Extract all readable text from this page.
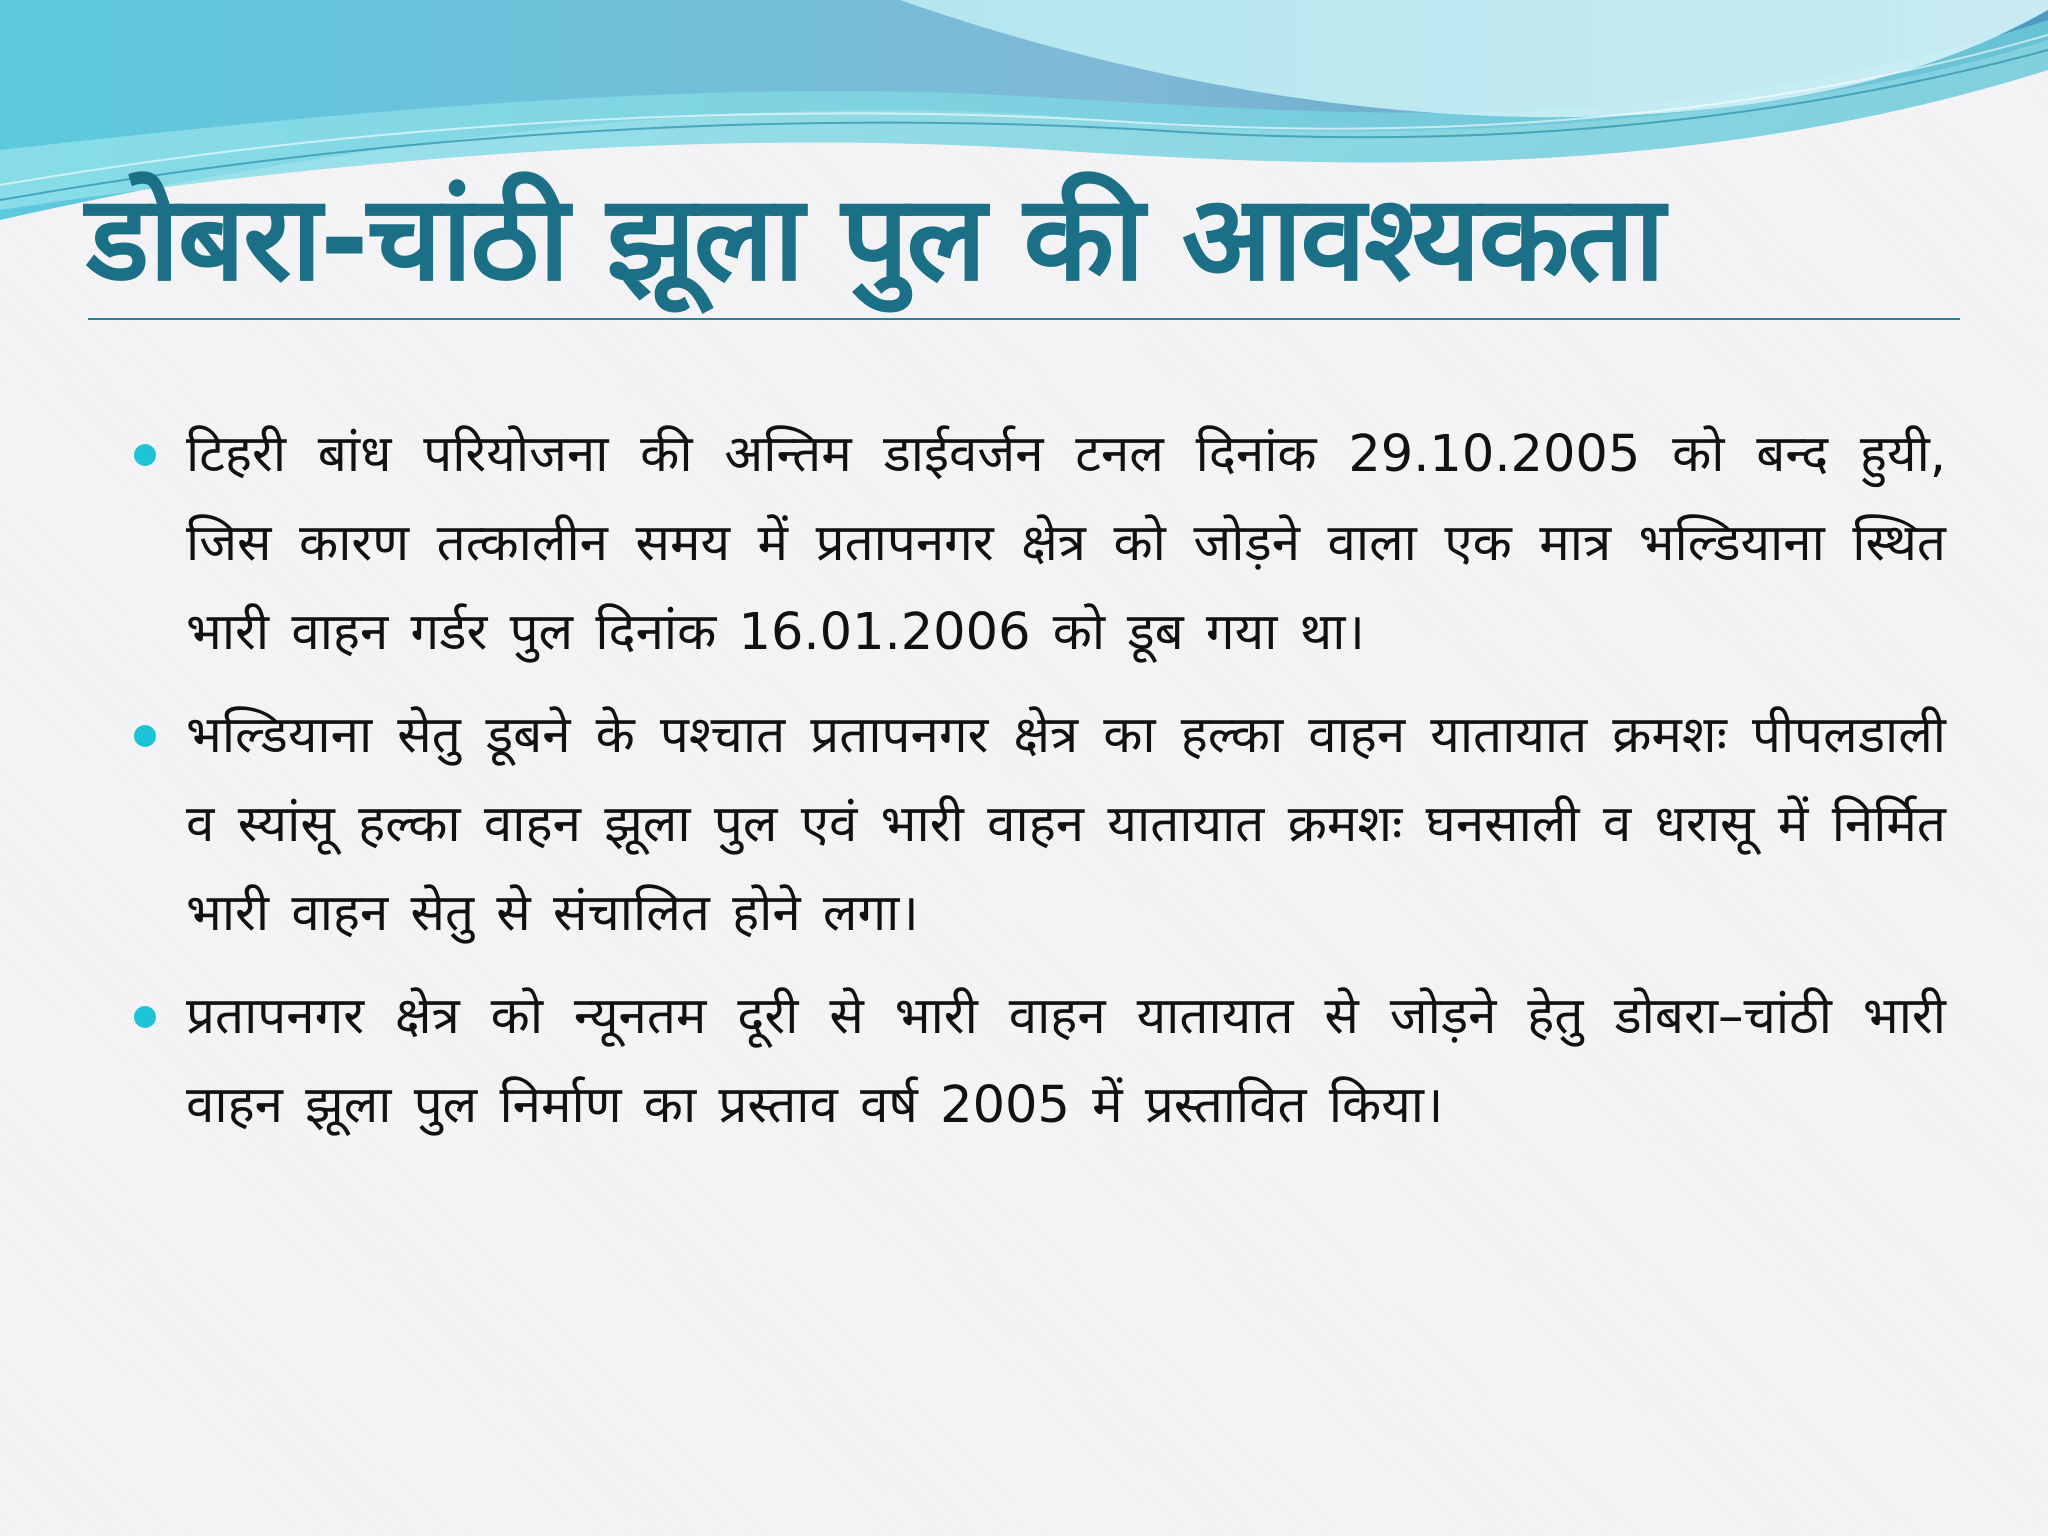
डोबरा-चांठी झूला पुल की आवश्यकता
टिहरी बांध परियोजना की अन्तिम डाईवर्जन टनल दिनांक 29.10.2005 को बन्द हुयी, जिस कारण तत्कालीन समय में प्रतापनगर क्षेत्र को जोड़ने वाला एक मात्र भल्डियाना स्थित भारी वाहन गर्डर पुल दिनांक 16.01.2006 को डूब गया था।
भल्डियाना सेतु डूबने के पश्चात प्रतापनगर क्षेत्र का हल्का वाहन यातायात क्रमशः पीपलडाली व स्यांसू हल्का वाहन झूला पुल एवं भारी वाहन यातायात क्रमशः घनसाली व धरासू में निर्मित भारी वाहन सेतु से संचालित होने लगा।
प्रतापनगर क्षेत्र को न्यूनतम दूरी से भारी वाहन यातायात से जोड़ने हेतु डोबरा–चांठी भारी वाहन झूला पुल निर्माण का प्रस्ताव वर्ष 2005 में प्रस्तावित किया।
